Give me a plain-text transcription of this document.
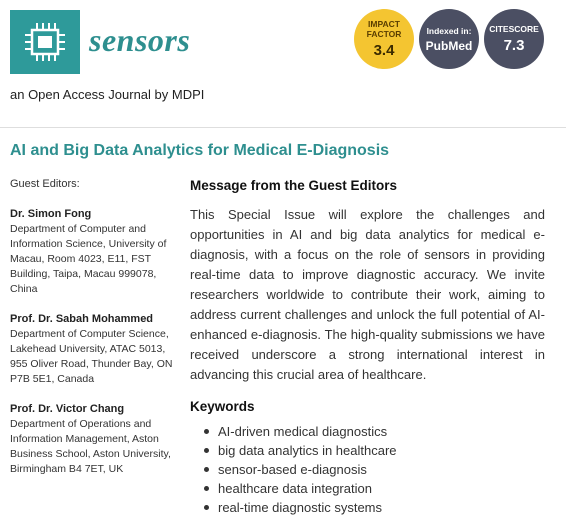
sensors
an Open Access Journal by MDPI
IMPACT FACTOR
3.4
Indexed in:
PubMed
CITESCORE
7.3
AI and Big Data Analytics for Medical E-Diagnosis
Guest Editors:
Dr. Simon Fong
Department of Computer and Information Science, University of Macau, Room 4023, E11, FST Building, Taipa, Macau 999078, China
Prof. Dr. Sabah Mohammed
Department of Computer Science, Lakehead University, ATAC 5013, 955 Oliver Road, Thunder Bay, ON P7B 5E1, Canada
Prof. Dr. Victor Chang
Department of Operations and Information Management, Aston Business School, Aston University, Birmingham B4 7ET, UK
Message from the Guest Editors

This Special Issue will explore the challenges and opportunities in AI and big data analytics for medical e-diagnosis, with a focus on the role of sensors in providing real-time data to improve diagnostic accuracy. We invite researchers worldwide to contribute their work, aiming to address current challenges and unlock the full potential of AI-enhanced e-diagnosis. The high-quality submissions we have received underscore a strong international interest in advancing this crucial area of healthcare.

Keywords
AI-driven medical diagnostics
big data analytics in healthcare
sensor-based e-diagnosis
healthcare data integration
real-time diagnostic systems
